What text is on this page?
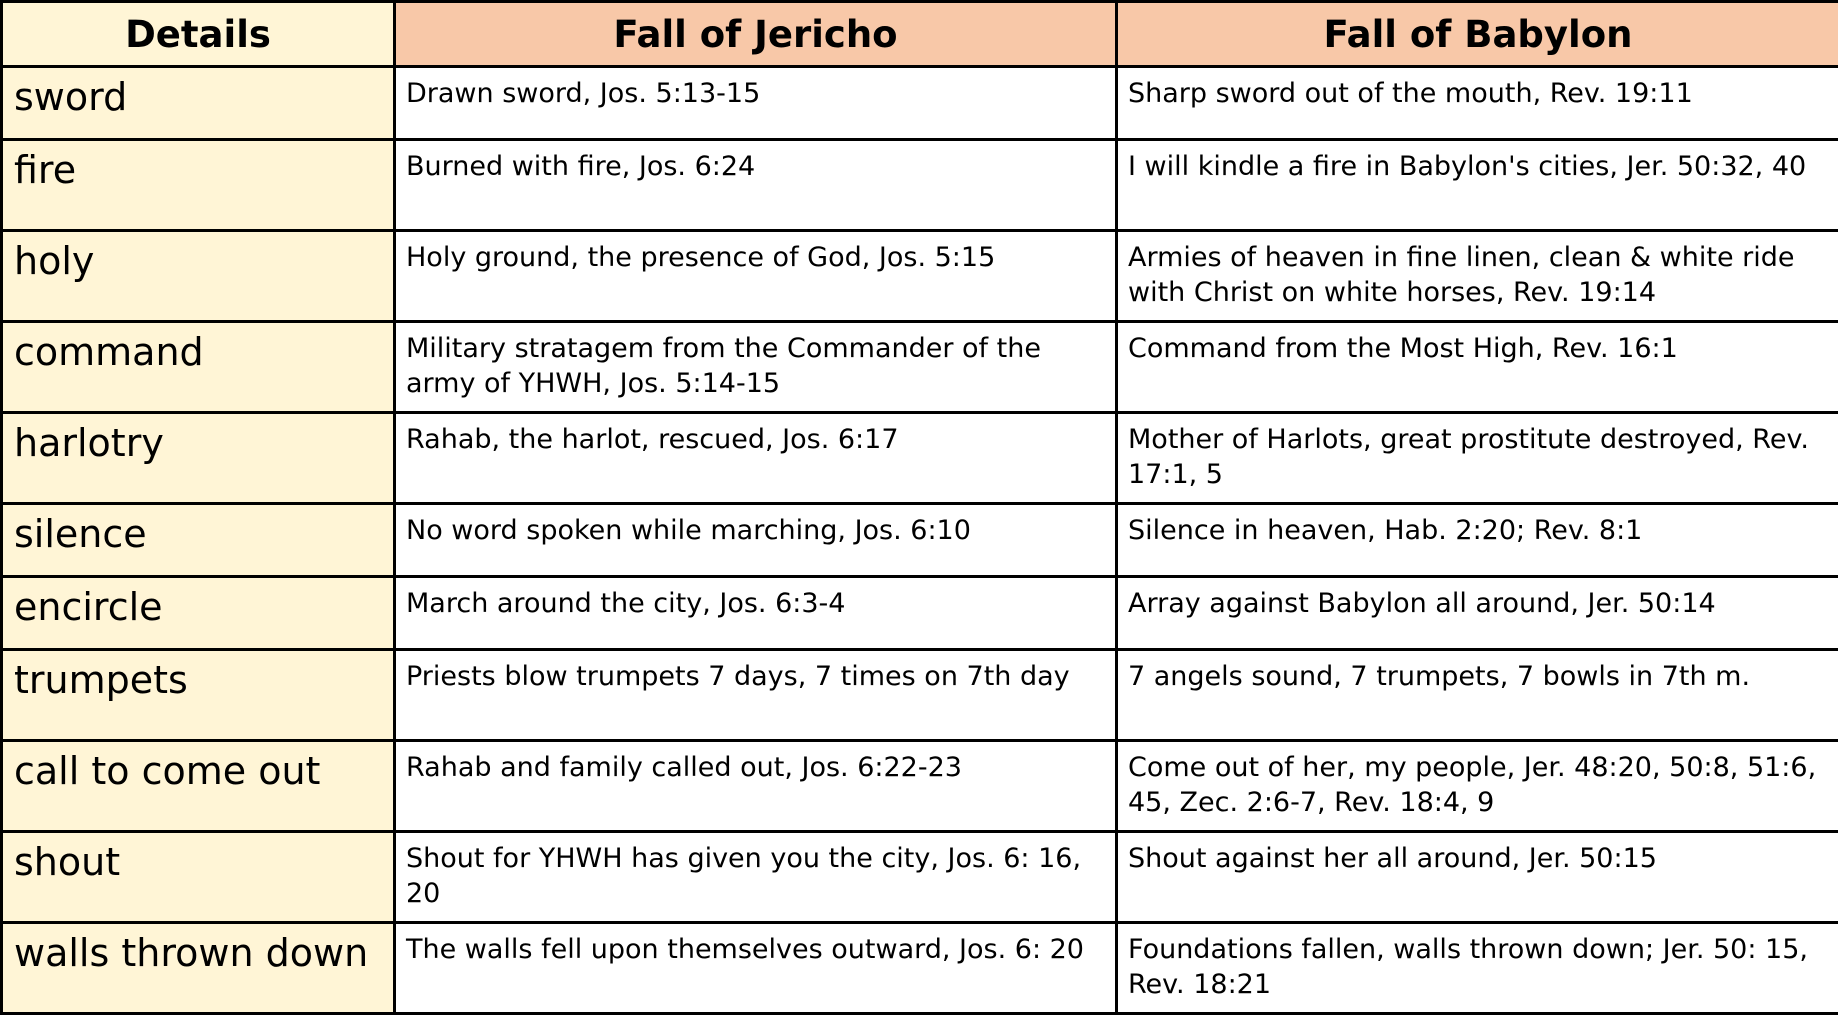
Details	Fall of Jericho	Fall of Babylon
sword	Drawn sword, Jos. 5:13-15	Sharp sword out of the mouth, Rev. 19:11
fire	Burned with fire, Jos. 6:24	I will kindle a fire in Babylon's cities, Jer. 50:32, 40
holy	Holy ground, the presence of God, Jos. 5:15	Armies of heaven in fine linen, clean & white ride with Christ on white horses, Rev. 19:14
command	Military stratagem from the Commander of the army of YHWH, Jos. 5:14-15	Command from the Most High, Rev. 16:1
harlotry	Rahab, the harlot, rescued, Jos. 6:17	Mother of Harlots, great prostitute destroyed, Rev. 17:1, 5
silence	No word spoken while marching, Jos. 6:10	Silence in heaven, Hab. 2:20; Rev. 8:1
encircle	March around the city, Jos. 6:3-4	Array against Babylon all around, Jer. 50:14
trumpets	Priests blow trumpets 7 days, 7 times on 7th day	7 angels sound, 7 trumpets, 7 bowls in 7th m.
call to come out	Rahab and family called out, Jos. 6:22-23	Come out of her, my people, Jer. 48:20, 50:8, 51:6, 45, Zec. 2:6-7, Rev. 18:4, 9
shout	Shout for YHWH has given you the city, Jos. 6: 16, 20	Shout against her all around, Jer. 50:15
walls thrown down	The walls fell upon themselves outward, Jos. 6: 20	Foundations fallen, walls thrown down; Jer. 50: 15, Rev. 18:21
